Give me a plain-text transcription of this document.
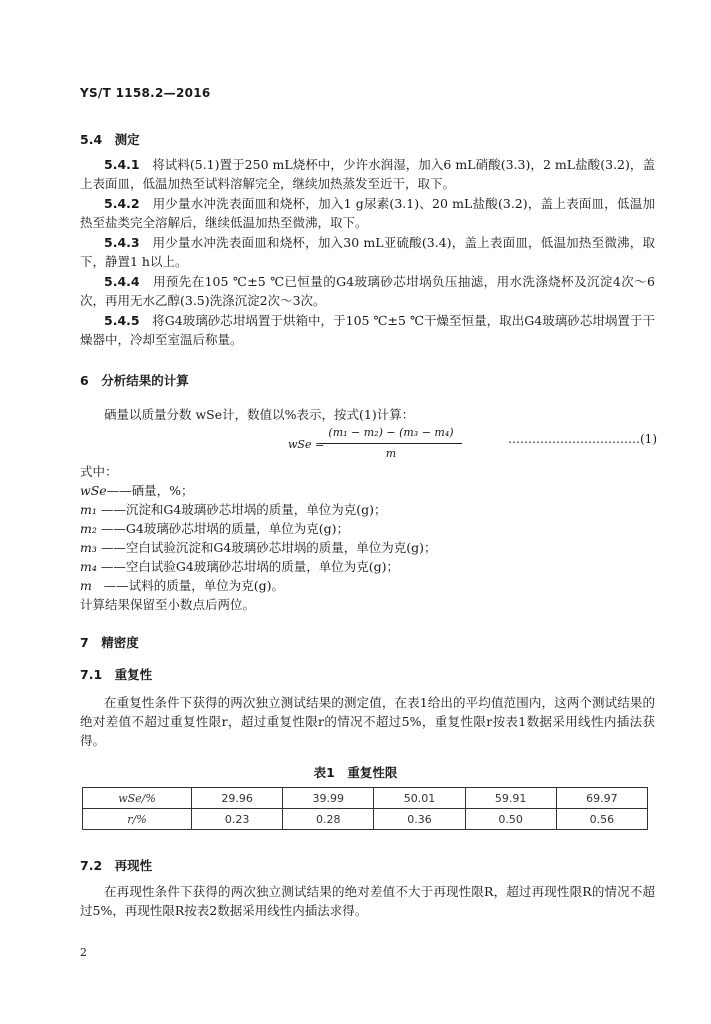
YS/T 1158.2—2016
5.4　测定

5.4.1　 将试料(5.1)置于250 mL烧杯中，少许水润湿，加入6 mL硝酸(3.3)，2 mL盐酸(3.2)，盖上表面皿，低温加热至试料溶解完全，继续加热蒸发至近干，取下。

5.4.2　 用少量水冲洗表面皿和烧杯，加入1 g尿素(3.1)、20 mL盐酸(3.2)，盖上表面皿，低温加热至盐类完全溶解后，继续低温加热至微沸，取下。

5.4.3　 用少量水冲洗表面皿和烧杯，加入30 mL亚硫酸(3.4)，盖上表面皿，低温加热至微沸，取下，静置1 h以上。

5.4.4　 用预先在105 ℃±5 ℃已恒量的G4玻璃砂芯坩埚负压抽滤，用水洗涤烧杯及沉淀4次～6次，再用无水乙醇(3.5)洗涤沉淀2次～3次。

5.4.5　 将G4玻璃砂芯坩埚置于烘箱中，于105 ℃±5 ℃干燥至恒量，取出G4玻璃砂芯坩埚置于干燥器中，冷却至室温后称量。

6　分析结果的计算
硒量以质量分数 wSe计，数值以%表示，按式(1)计算：
wSe =
(m₁ − m₂) − (m₃ − m₄)
m
……………………………(1)
式中：
wSe——硒量，%；
m₁ ——沉淀和G4玻璃砂芯坩埚的质量，单位为克(g)；
m₂ ——G4玻璃砂芯坩埚的质量，单位为克(g)；
m₃ ——空白试验沉淀和G4玻璃砂芯坩埚的质量，单位为克(g)；
m₄ ——空白试验G4玻璃砂芯坩埚的质量，单位为克(g)；
m ——试料的质量，单位为克(g)。
计算结果保留至小数点后两位。
7　精密度
7.1　重复性

在重复性条件下获得的两次独立测试结果的测定值，在表1给出的平均值范围内，这两个测试结果的绝对差值不超过重复性限r，超过重复性限r的情况不超过5%，重复性限r按表1数据采用线性内插法获得。

表1　重复性限
wSe/%	29.96	39.99	50.01	59.91	69.97
r/%	0.23	0.28	0.36	0.50	0.56
7.2　再现性

在再现性条件下获得的两次独立测试结果的绝对差值不大于再现性限R，超过再现性限R的情况不超过5%，再现性限R按表2数据采用线性内插法求得。

2
